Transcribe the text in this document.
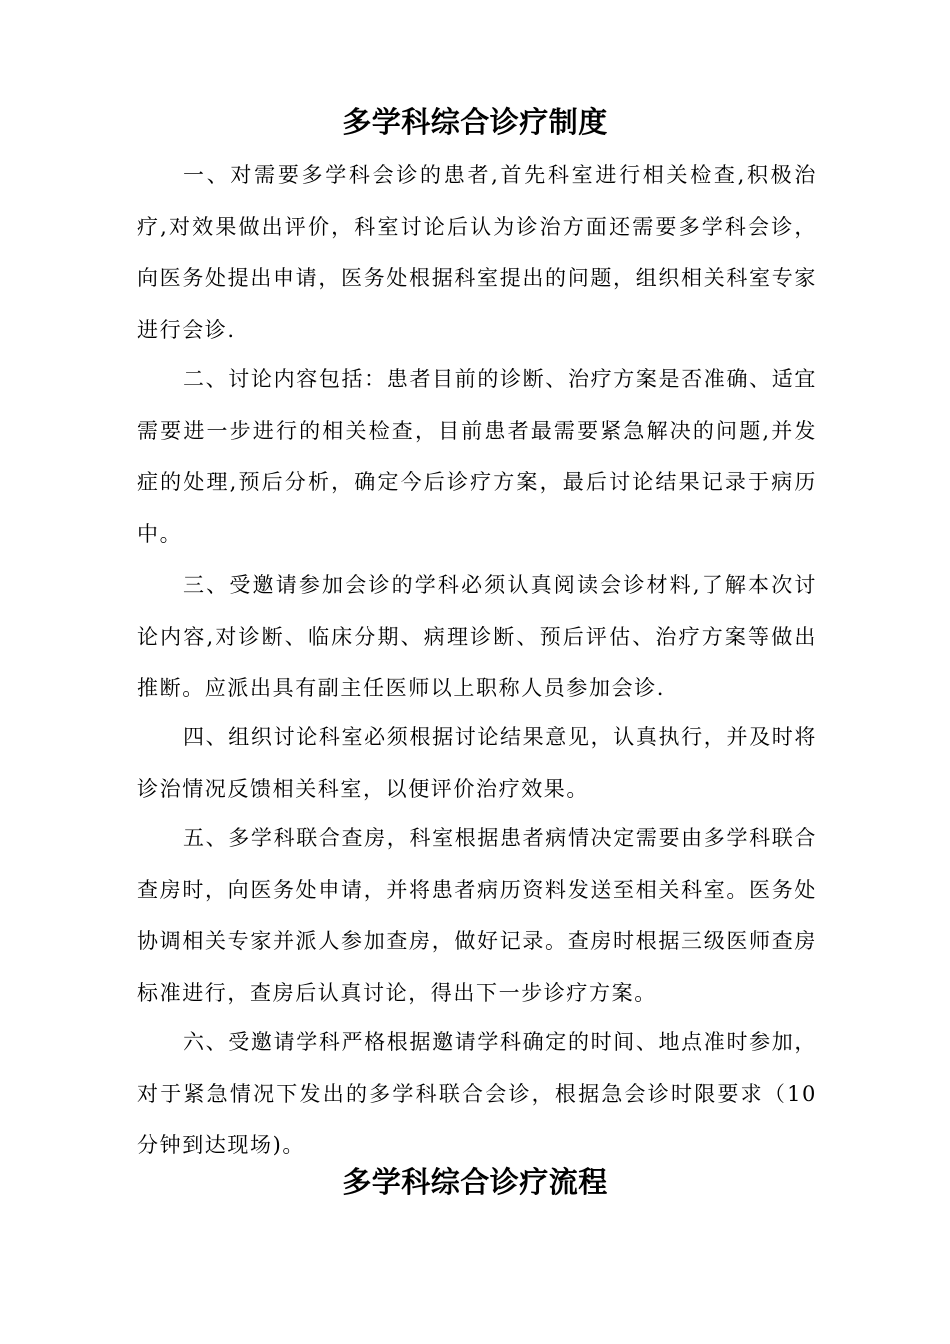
多学科综合诊疗制度

一、对需要多学科会诊的患者,首先科室进行相关检查,积极治疗,对效果做出评价，科室讨论后认为诊治方面还需要多学科会诊，向医务处提出申请，医务处根据科室提出的问题，组织相关科室专家进行会诊.

二、讨论内容包括：患者目前的诊断、治疗方案是否准确、适宜需要进一步进行的相关检查，目前患者最需要紧急解决的问题,并发症的处理,预后分析，确定今后诊疗方案，最后讨论结果记录于病历中。

三、受邀请参加会诊的学科必须认真阅读会诊材料,了解本次讨论内容,对诊断、临床分期、病理诊断、预后评估、治疗方案等做出推断。应派出具有副主任医师以上职称人员参加会诊.

四、组织讨论科室必须根据讨论结果意见，认真执行，并及时将诊治情况反馈相关科室，以便评价治疗效果。

五、多学科联合查房，科室根据患者病情决定需要由多学科联合查房时，向医务处申请，并将患者病历资料发送至相关科室。医务处协调相关专家并派人参加查房，做好记录。查房时根据三级医师查房标准进行，查房后认真讨论，得出下一步诊疗方案。

六、受邀请学科严格根据邀请学科确定的时间、地点准时参加，对于紧急情况下发出的多学科联合会诊，根据急会诊时限要求（10分钟到达现场)。

多学科综合诊疗流程
